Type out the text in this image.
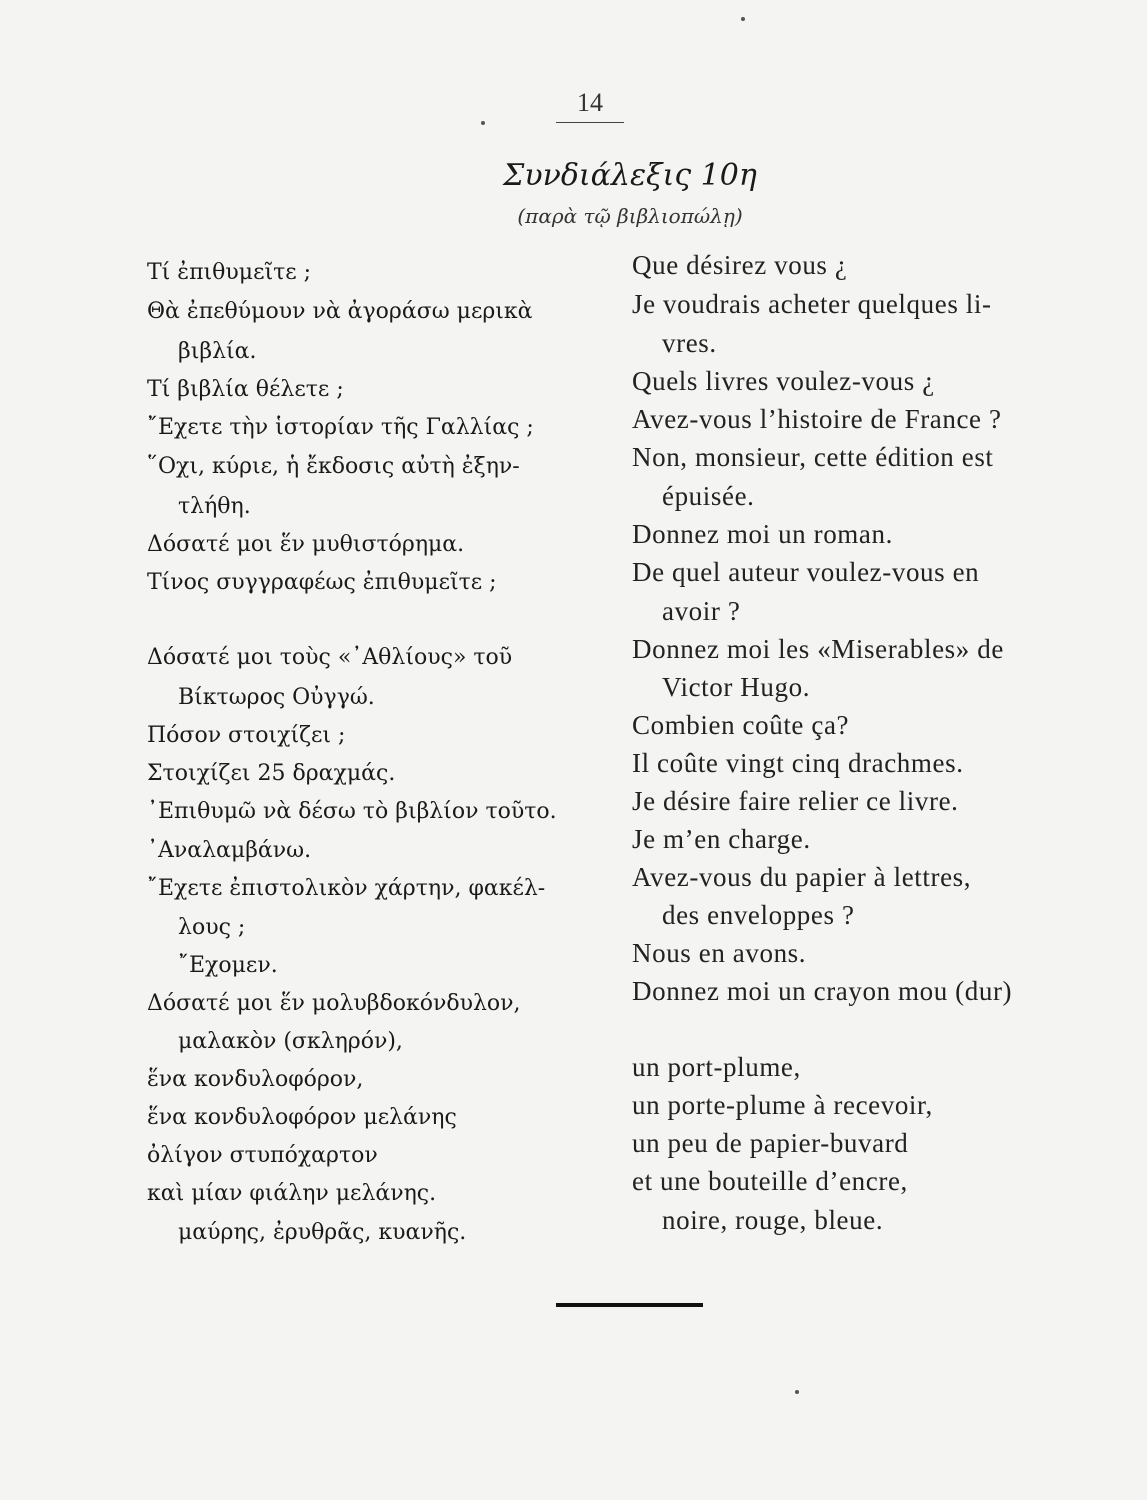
14
Συνδιάλεξις 10η
(παρὰ τῷ βιβλιοπώλῃ)
Τί ἐπιθυμεῖτε ;
Θὰ ἐπεθύμουν νὰ ἀγοράσω μερικὰ
βιβλία.
Τί βιβλία θέλετε ;
῎Εχετε τὴν ἱστορίαν τῆς Γαλλίας ;
῞Οχι, κύριε, ἡ ἔκδοσις αὐτὴ ἐξην-
τλήθη.
Δόσατέ μοι ἕν μυθιστόρημα.
Τίνος συγγραφέως ἐπιθυμεῖτε ;
Δόσατέ μοι τοὺς «᾿Αθλίους» τοῦ
Βίκτωρος Οὐγγώ.
Πόσον στοιχίζει ;
Στοιχίζει 25 δραχμάς.
᾿Επιθυμῶ νὰ δέσω τὸ βιβλίον τοῦτο.
᾿Αναλαμβάνω.
῎Εχετε ἐπιστολικὸν χάρτην, φακέλ-
λους ;
῎Εχομεν.
Δόσατέ μοι ἕν μολυβδοκόνδυλον,
μαλακὸν (σκληρόν),
ἕνα κονδυλοφόρον,
ἕνα κονδυλοφόρον μελάνης
ὀλίγον στυπόχαρτον
καὶ μίαν φιάλην μελάνης.
μαύρης, ἐρυθρᾶς, κυανῆς.
Que désirez vous ¿
Je voudrais acheter quelques li-
vres.
Quels livres voulez-vous ¿
Avez-vous l’histoire de France ?
Non, monsieur, cette édition est
épuisée.
Donnez moi un roman.
De quel auteur voulez-vous en
avoir ?
Donnez moi les «Miserables» de
Victor Hugo.
Combien coûte ça?
Il coûte vingt cinq drachmes.
Je désire faire relier ce livre.
Je m’en charge.
Avez-vous du papier à lettres,
des enveloppes ?
Nous en avons.
Donnez moi un crayon mou (dur)
un port-plume,
un porte-plume à recevoir,
un peu de papier-buvard
et une bouteille d’encre,
noire, rouge, bleue.
